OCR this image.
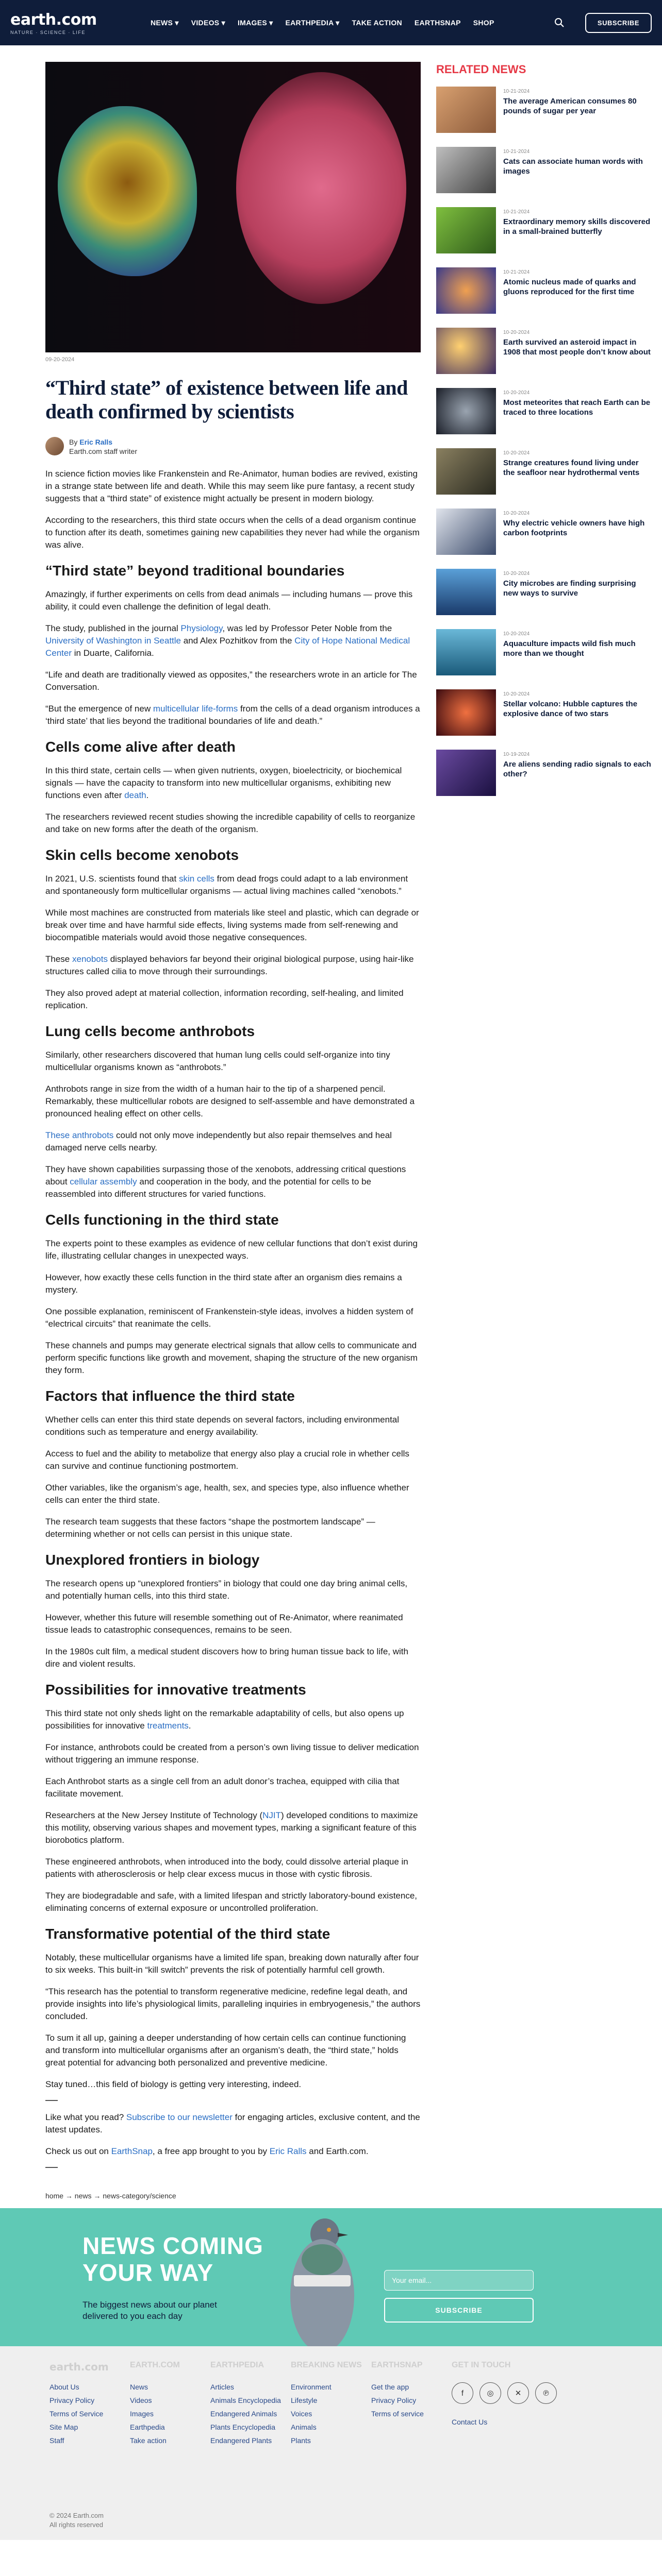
earth.com
NATURE · SCIENCE · LIFE
NEWS ▾ VIDEOS ▾ IMAGES ▾ EARTHPEDIA ▾ TAKE ACTION EARTHSNAP SHOP	SUBSCRIBE
09-20-2024
“Third state” of existence between life and death confirmed by scientists
By Eric Ralls
Earth.com staff writer

In science fiction movies like Frankenstein and Re-Animator, human bodies are revived, existing in a strange state between life and death. While this may seem like pure fantasy, a recent study suggests that a “third state” of existence might actually be present in modern biology.

According to the researchers, this third state occurs when the cells of a dead organism continue to function after its death, sometimes gaining new capabilities they never had while the organism was alive.

“Third state” beyond traditional boundaries

Amazingly, if further experiments on cells from dead animals — including humans — prove this ability, it could even challenge the definition of legal death.

The study, published in the journal Physiology, was led by Professor Peter Noble from the University of Washington in Seattle and Alex Pozhitkov from the City of Hope National Medical Center in Duarte, California.

“Life and death are traditionally viewed as opposites,” the researchers wrote in an article for The Conversation.

“But the emergence of new multicellular life-forms from the cells of a dead organism introduces a ‘third state’ that lies beyond the traditional boundaries of life and death.”

Cells come alive after death

In this third state, certain cells — when given nutrients, oxygen, bioelectricity, or biochemical signals — have the capacity to transform into new multicellular organisms, exhibiting new functions even after death.

The researchers reviewed recent studies showing the incredible capability of cells to reorganize and take on new forms after the death of the organism.

Skin cells become xenobots

In 2021, U.S. scientists found that skin cells from dead frogs could adapt to a lab environment and spontaneously form multicellular organisms — actual living machines called “xenobots.”

While most machines are constructed from materials like steel and plastic, which can degrade or break over time and have harmful side effects, living systems made from self-renewing and biocompatible materials would avoid those negative consequences.

These xenobots displayed behaviors far beyond their original biological purpose, using hair-like structures called cilia to move through their surroundings.

They also proved adept at material collection, information recording, self-healing, and limited replication.

Lung cells become anthrobots

Similarly, other researchers discovered that human lung cells could self-organize into tiny multicellular organisms known as “anthrobots.”

Anthrobots range in size from the width of a human hair to the tip of a sharpened pencil. Remarkably, these multicellular robots are designed to self-assemble and have demonstrated a pronounced healing effect on other cells.

These anthrobots could not only move independently but also repair themselves and heal damaged nerve cells nearby.

They have shown capabilities surpassing those of the xenobots, addressing critical questions about cellular assembly and cooperation in the body, and the potential for cells to be reassembled into different structures for varied functions.

Cells functioning in the third state

The experts point to these examples as evidence of new cellular functions that don’t exist during life, illustrating cellular changes in unexpected ways.

However, how exactly these cells function in the third state after an organism dies remains a mystery.

One possible explanation, reminiscent of Frankenstein-style ideas, involves a hidden system of “electrical circuits” that reanimate the cells.

These channels and pumps may generate electrical signals that allow cells to communicate and perform specific functions like growth and movement, shaping the structure of the new organism they form.

Factors that influence the third state

Whether cells can enter this third state depends on several factors, including environmental conditions such as temperature and energy availability.

Access to fuel and the ability to metabolize that energy also play a crucial role in whether cells can survive and continue functioning postmortem.

Other variables, like the organism’s age, health, sex, and species type, also influence whether cells can enter the third state.

The research team suggests that these factors “shape the postmortem landscape” — determining whether or not cells can persist in this unique state.

Unexplored frontiers in biology

The research opens up “unexplored frontiers” in biology that could one day bring animal cells, and potentially human cells, into this third state.

However, whether this future will resemble something out of Re-Animator, where reanimated tissue leads to catastrophic consequences, remains to be seen.

In the 1980s cult film, a medical student discovers how to bring human tissue back to life, with dire and violent results.

Possibilities for innovative treatments

This third state not only sheds light on the remarkable adaptability of cells, but also opens up possibilities for innovative treatments.

For instance, anthrobots could be created from a person’s own living tissue to deliver medication without triggering an immune response.

Each Anthrobot starts as a single cell from an adult donor’s trachea, equipped with cilia that facilitate movement.

Researchers at the New Jersey Institute of Technology (NJIT) developed conditions to maximize this motility, observing various shapes and movement types, marking a significant feature of this biorobotics platform.

These engineered anthrobots, when introduced into the body, could dissolve arterial plaque in patients with atherosclerosis or help clear excess mucus in those with cystic fibrosis.

They are biodegradable and safe, with a limited lifespan and strictly laboratory-bound existence, eliminating concerns of external exposure or uncontrolled proliferation.

Transformative potential of the third state

Notably, these multicellular organisms have a limited life span, breaking down naturally after four to six weeks. This built-in “kill switch” prevents the risk of potentially harmful cell growth.

“This research has the potential to transform regenerative medicine, redefine legal death, and provide insights into life’s physiological limits, paralleling inquiries in embryogenesis,” the authors concluded.

To sum it all up, gaining a deeper understanding of how certain cells can continue functioning and transform into multicellular organisms after an organism’s death, the “third state,” holds great potential for advancing both personalized and preventive medicine.

Stay tuned…this field of biology is getting very interesting, indeed.

Like what you read? Subscribe to our newsletter for engaging articles, exclusive content, and the latest updates.

Check us out on EarthSnap, a free app brought to you by Eric Ralls and Earth.com.

RELATED NEWS
10-21-2024
The average American consumes 80 pounds of sugar per year
10-21-2024
Cats can associate human words with images
10-21-2024
Extraordinary memory skills discovered in a small-brained butterfly
10-21-2024
Atomic nucleus made of quarks and gluons reproduced for the first time
10-20-2024
Earth survived an asteroid impact in 1908 that most people don’t know about
10-20-2024
Most meteorites that reach Earth can be traced to three locations
10-20-2024
Strange creatures found living under the seafloor near hydrothermal vents
10-20-2024
Why electric vehicle owners have high carbon footprints
10-20-2024
City microbes are finding surprising new ways to survive
10-20-2024
Aquaculture impacts wild fish much more than we thought
10-20-2024
Stellar volcano: Hubble captures the explosive dance of two stars
10-19-2024
Are aliens sending radio signals to each other?
home → news → news-category/science
NEWS COMING
YOUR WAY
The biggest news about our planet delivered to you each day
Your email...
SUBSCRIBE
earth.com
About Us
Privacy Policy
Terms of Service
Site Map
Staff
EARTH.COM
News
Videos
Images
Earthpedia
Take action
EARTHPEDIA
Articles
Animals Encyclopedia
Endangered Animals
Plants Encyclopedia
Endangered Plants
BREAKING NEWS
Environment
Lifestyle
Voices
Animals
Plants
EARTHSNAP
Get the app
Privacy Policy
Terms of service
GET IN TOUCH
f	◎	✕	℗
Contact Us
© 2024 Earth.com
All rights reserved
